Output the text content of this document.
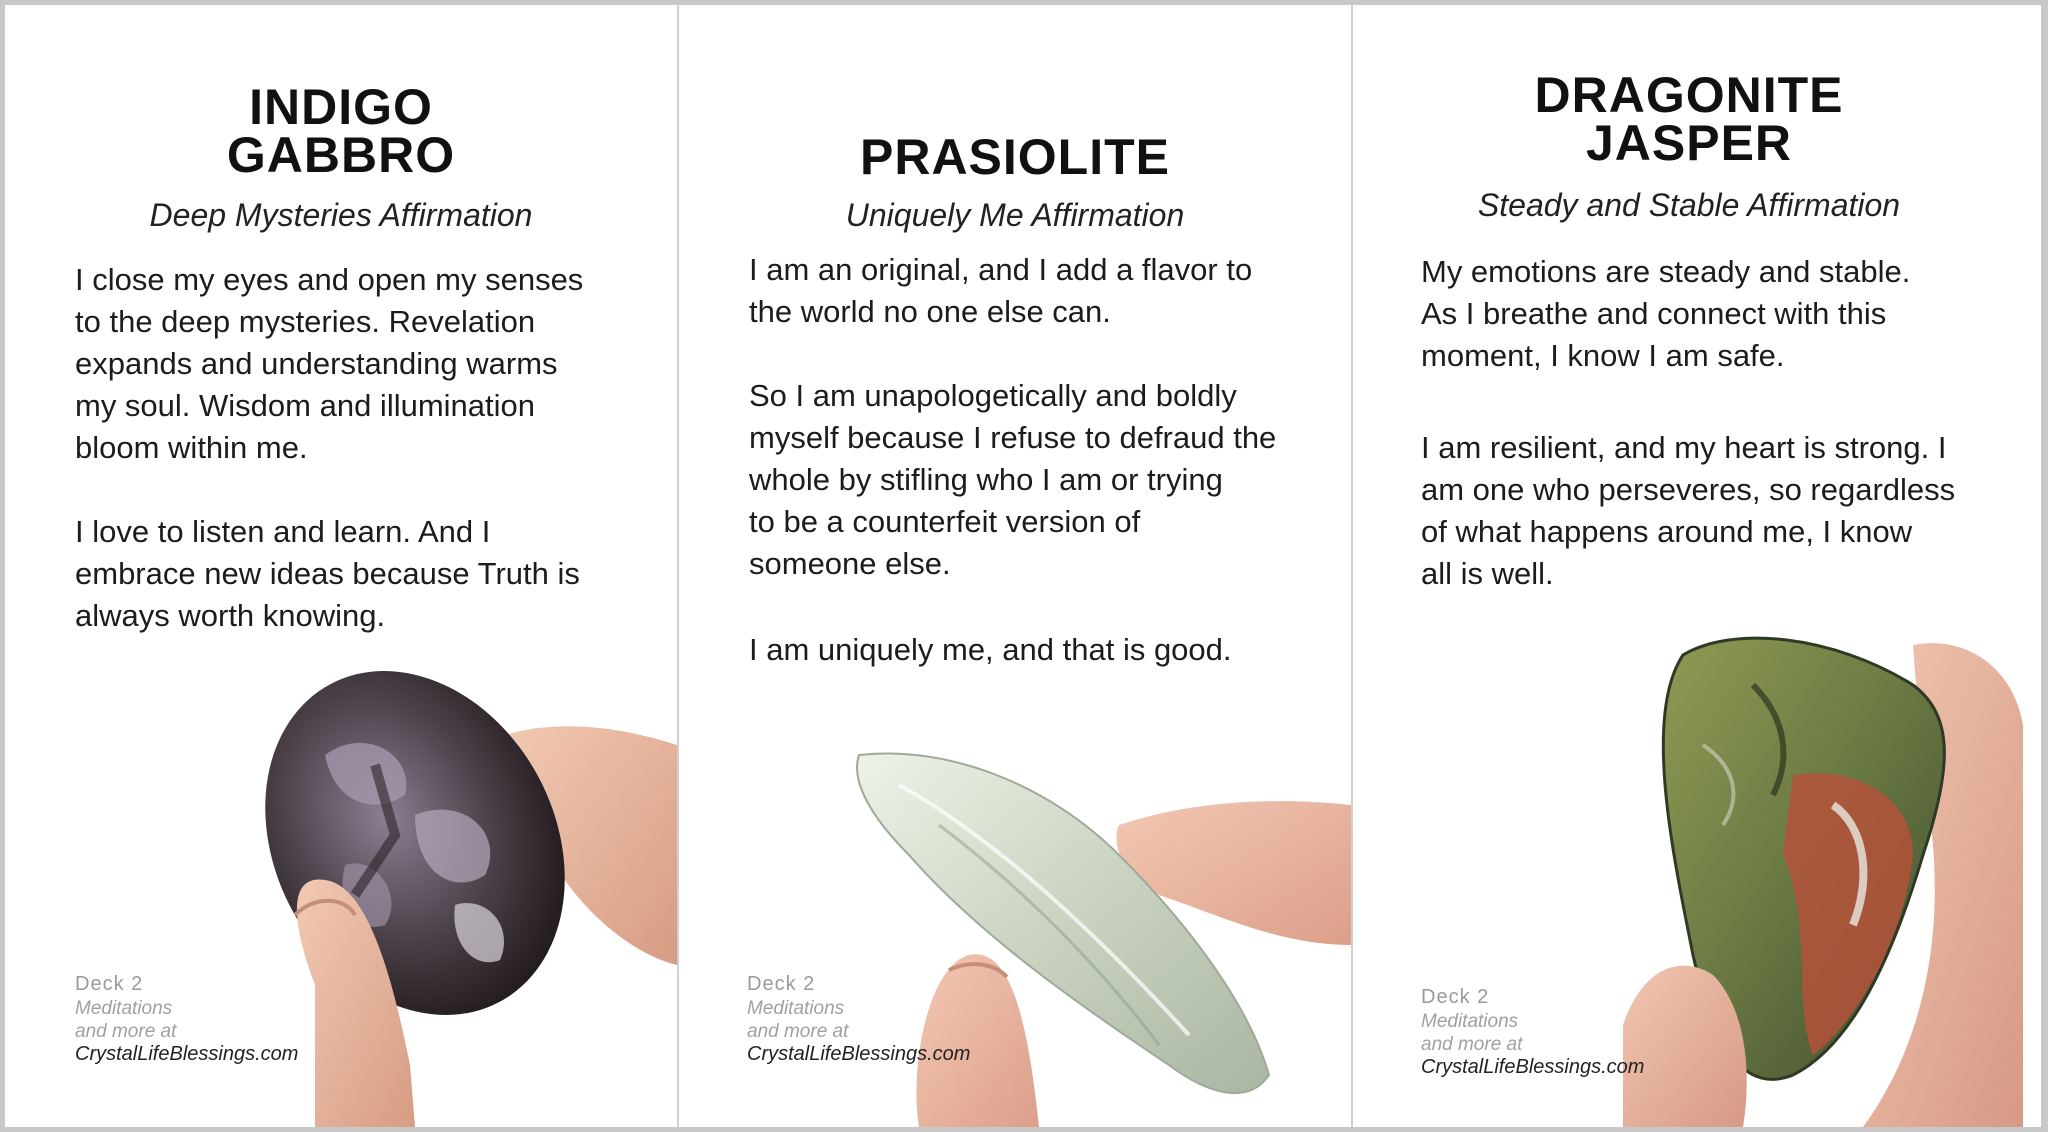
INDIGO
GABBRO
Deep Mysteries Affirmation
I close my eyes and open my senses
to the deep mysteries. Revelation
expands and understanding warms
my soul. Wisdom and illumination
bloom within me.
I love to listen and learn. And I
embrace new ideas because Truth is
always worth knowing.
Deck 2
Meditations
and more at
CrystalLifeBlessings.com
PRASIOLITE
Uniquely Me Affirmation
I am an original, and I add a flavor to
the world no one else can.
So I am unapologetically and boldly
myself because I refuse to defraud the
whole by stifling who I am or trying
to be a counterfeit version of
someone else.
I am uniquely me, and that is good.
Deck 2
Meditations
and more at
CrystalLifeBlessings.com
DRAGONITE
JASPER
Steady and Stable Affirmation
My emotions are steady and stable.
As I breathe and connect with this
moment, I know I am safe.
I am resilient, and my heart is strong. I
am one who perseveres, so regardless
of what happens around me, I know
all is well.
Deck 2
Meditations
and more at
CrystalLifeBlessings.com
